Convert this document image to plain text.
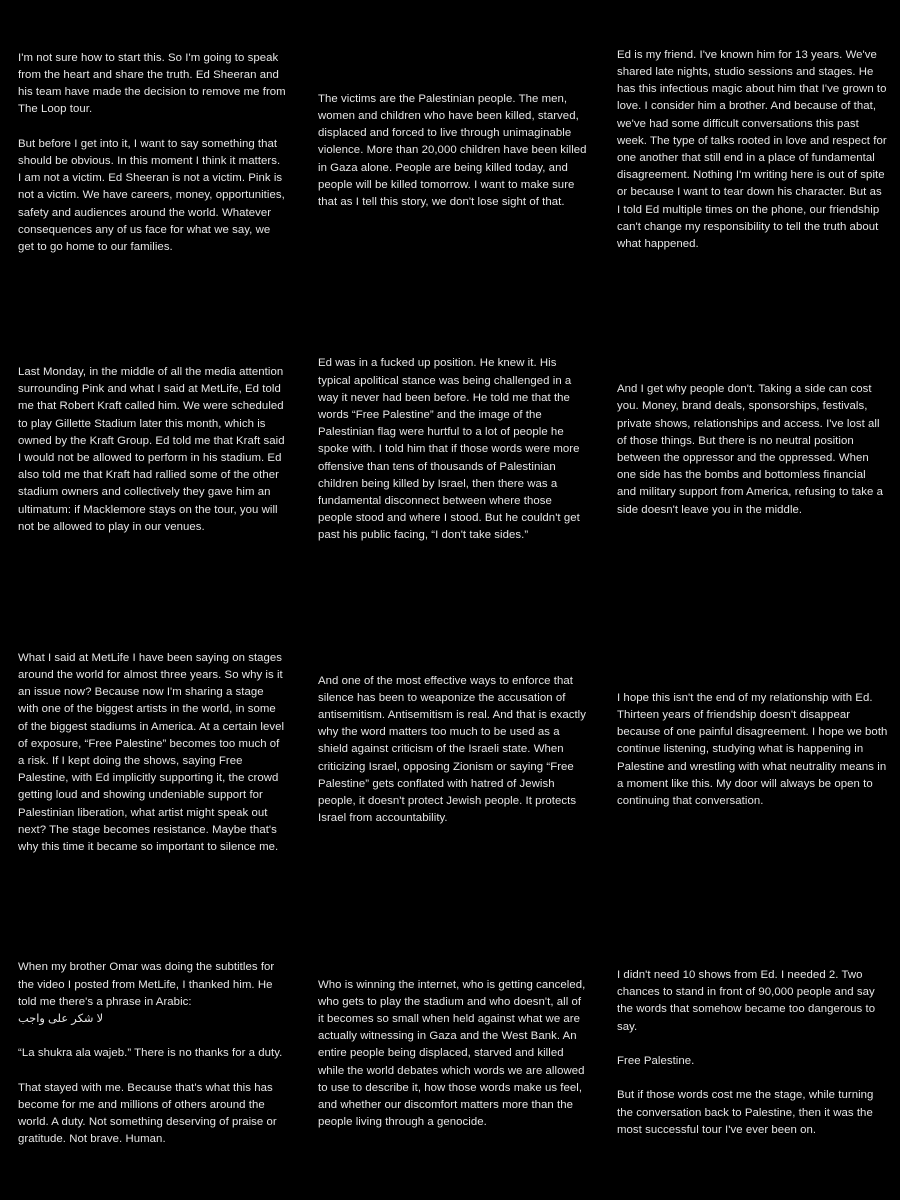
I'm not sure how to start this. So I'm going to speak from the heart and share the truth. Ed Sheeran and his team have made the decision to remove me from The Loop tour.

But before I get into it, I want to say something that should be obvious. In this moment I think it matters. I am not a victim. Ed Sheeran is not a victim. Pink is not a victim. We have careers, money, opportunities, safety and audiences around the world. Whatever consequences any of us face for what we say, we get to go home to our families.

The victims are the Palestinian people. The men, women and children who have been killed, starved, displaced and forced to live through unimaginable violence. More than 20,000 children have been killed in Gaza alone. People are being killed today, and people will be killed tomorrow. I want to make sure that as I tell this story, we don't lose sight of that.

Ed is my friend. I've known him for 13 years. We've shared late nights, studio sessions and stages. He has this infectious magic about him that I've grown to love. I consider him a brother. And because of that, we've had some difficult conversations this past week. The type of talks rooted in love and respect for one another that still end in a place of fundamental disagreement. Nothing I'm writing here is out of spite or because I want to tear down his character. But as I told Ed multiple times on the phone, our friendship can't change my responsibility to tell the truth about what happened.

Last Monday, in the middle of all the media attention surrounding Pink and what I said at MetLife, Ed told me that Robert Kraft called him. We were scheduled to play Gillette Stadium later this month, which is owned by the Kraft Group. Ed told me that Kraft said I would not be allowed to perform in his stadium. Ed also told me that Kraft had rallied some of the other stadium owners and collectively they gave him an ultimatum: if Macklemore stays on the tour, you will not be allowed to play in our venues.

Ed was in a fucked up position. He knew it. His typical apolitical stance was being challenged in a way it never had been before. He told me that the words “Free Palestine” and the image of the Palestinian flag were hurtful to a lot of people he spoke with. I told him that if those words were more offensive than tens of thousands of Palestinian children being killed by Israel, then there was a fundamental disconnect between where those people stood and where I stood. But he couldn't get past his public facing, “I don't take sides.”

And I get why people don't. Taking a side can cost you. Money, brand deals, sponsorships, festivals, private shows, relationships and access. I've lost all of those things. But there is no neutral position between the oppressor and the oppressed. When one side has the bombs and bottomless financial and military support from America, refusing to take a side doesn't leave you in the middle.

What I said at MetLife I have been saying on stages around the world for almost three years. So why is it an issue now? Because now I'm sharing a stage with one of the biggest artists in the world, in some of the biggest stadiums in America. At a certain level of exposure, “Free Palestine” becomes too much of a risk. If I kept doing the shows, saying Free Palestine, with Ed implicitly supporting it, the crowd getting loud and showing undeniable support for Palestinian liberation, what artist might speak out next? The stage becomes resistance. Maybe that's why this time it became so important to silence me.

And one of the most effective ways to enforce that silence has been to weaponize the accusation of antisemitism. Antisemitism is real. And that is exactly why the word matters too much to be used as a shield against criticism of the Israeli state. When criticizing Israel, opposing Zionism or saying “Free Palestine” gets conflated with hatred of Jewish people, it doesn't protect Jewish people. It protects Israel from accountability.

I hope this isn't the end of my relationship with Ed. Thirteen years of friendship doesn't disappear because of one painful disagreement. I hope we both continue listening, studying what is happening in Palestine and wrestling with what neutrality means in a moment like this. My door will always be open to continuing that conversation.

When my brother Omar was doing the subtitles for the video I posted from MetLife, I thanked him. He told me there's a phrase in Arabic:
لا شكر على واجب

“La shukra ala wajeb.” There is no thanks for a duty.

That stayed with me. Because that's what this has become for me and millions of others around the world. A duty. Not something deserving of praise or gratitude. Not brave. Human.

Who is winning the internet, who is getting canceled, who gets to play the stadium and who doesn't, all of it becomes so small when held against what we are actually witnessing in Gaza and the West Bank. An entire people being displaced, starved and killed while the world debates which words we are allowed to use to describe it, how those words make us feel, and whether our discomfort matters more than the people living through a genocide.

I didn't need 10 shows from Ed. I needed 2. Two chances to stand in front of 90,000 people and say the words that somehow became too dangerous to say.

Free Palestine.

But if those words cost me the stage, while turning the conversation back to Palestine, then it was the most successful tour I've ever been on.
